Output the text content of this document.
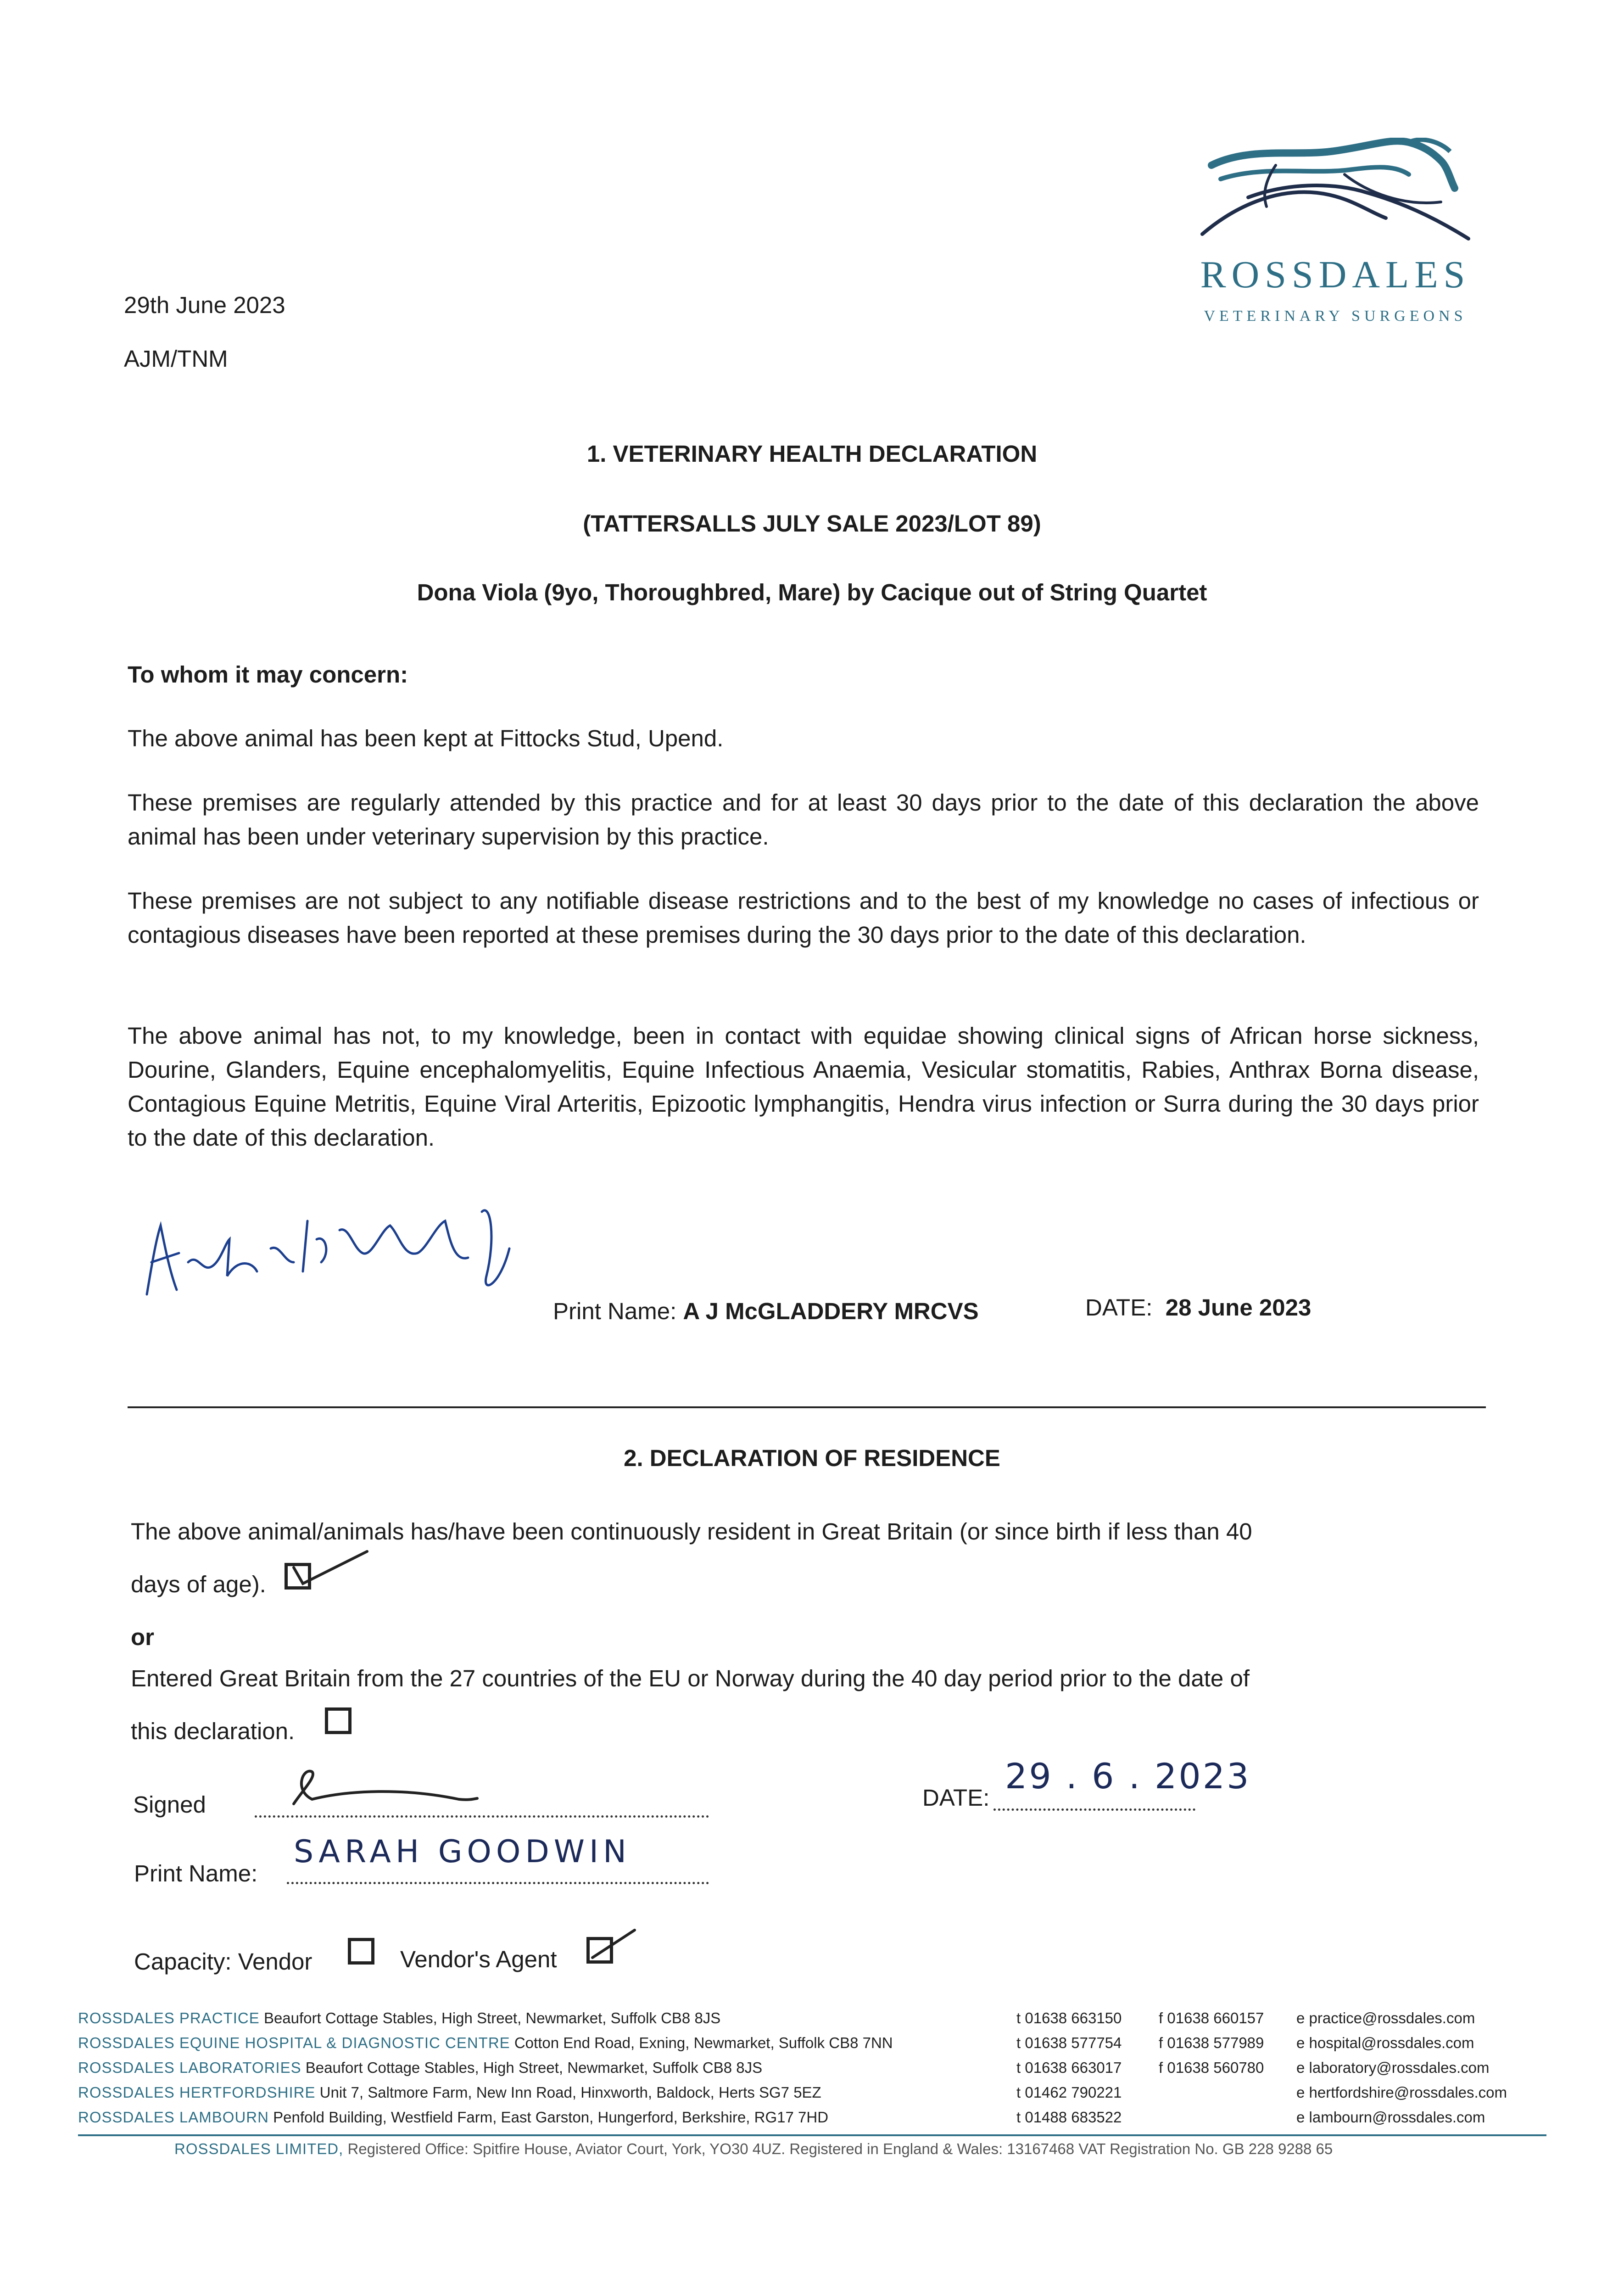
ROSSDALES
VETERINARY SURGEONS
29th June 2023
AJM/TNM
1. VETERINARY HEALTH DECLARATION
(TATTERSALLS JULY SALE 2023/LOT 89)
Dona Viola (9yo, Thoroughbred, Mare) by Cacique out of String Quartet
To whom it may concern:
The above animal has been kept at Fittocks Stud, Upend.
These premises are regularly attended by this practice and for at least 30 days prior to the date of this declaration the above animal has been under veterinary supervision by this practice.
These premises are not subject to any notifiable disease restrictions and to the best of my knowledge no cases of infectious or contagious diseases have been reported at these premises during the 30 days prior to the date of this declaration.
The above animal has not, to my knowledge, been in contact with equidae showing clinical signs of African horse sickness, Dourine, Glanders, Equine encephalomyelitis, Equine Infectious Anaemia, Vesicular stomatitis, Rabies, Anthrax Borna disease, Contagious Equine Metritis, Equine Viral Arteritis, Epizootic lymphangitis, Hendra virus infection or Surra during the 30 days prior to the date of this declaration.
Print Name: A J McGLADDERY MRCVS	DATE: 28 June 2023
2. DECLARATION OF RESIDENCE
The above animal/animals has/have been continuously resident in Great Britain (or since birth if less than 40
days of age).
or
Entered Great Britain from the 27 countries of the EU or Norway during the 40 day period prior to the date of
this declaration.
Signed	DATE:
29 . 6 . 2023
Print Name:
SARAH GOODWIN
Capacity: Vendor	Vendor's Agent
ROSSDALES PRACTICE Beaufort Cottage Stables, High Street, Newmarket, Suffolk CB8 8JS	t 01638 663150 f 01638 660157 e practice@rossdales.com
ROSSDALES EQUINE HOSPITAL & DIAGNOSTIC CENTRE Cotton End Road, Exning, Newmarket, Suffolk CB8 7NN	t 01638 577754 f 01638 577989 e hospital@rossdales.com
ROSSDALES LABORATORIES Beaufort Cottage Stables, High Street, Newmarket, Suffolk CB8 8JS	t 01638 663017 f 01638 560780 e laboratory@rossdales.com
ROSSDALES HERTFORDSHIRE Unit 7, Saltmore Farm, New Inn Road, Hinxworth, Baldock, Herts SG7 5EZ	t 01462 790221	e hertfordshire@rossdales.com
ROSSDALES LAMBOURN Penfold Building, Westfield Farm, East Garston, Hungerford, Berkshire, RG17 7HD	t 01488 683522	e lambourn@rossdales.com
ROSSDALES LIMITED, Registered Office: Spitfire House, Aviator Court, York, YO30 4UZ. Registered in England & Wales: 13167468 VAT Registration No. GB 228 9288 65
